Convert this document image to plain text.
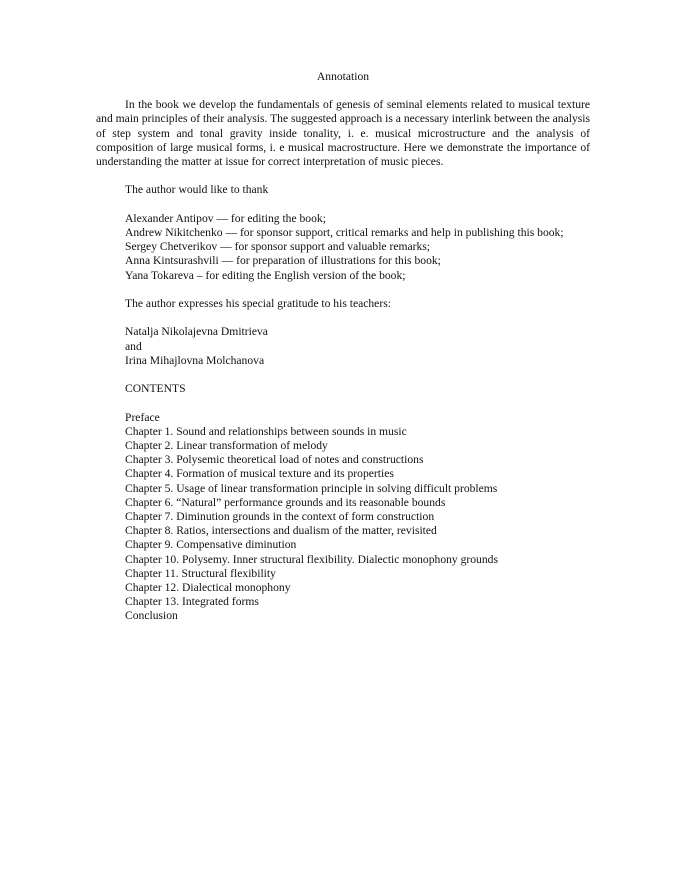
Annotation

In the book we develop the fundamentals of genesis of seminal elements related to musical texture and main principles of their analysis. The suggested approach is a necessary interlink between the analysis of step system and tonal gravity inside tonality, i. e. musical microstructure and the analysis of composition of large musical forms, i. e musical macrostructure. Here we demonstrate the importance of understanding the matter at issue for correct interpretation of music pieces.

The author would like to thank

Alexander Antipov — for editing the book;
Andrew Nikitchenko — for sponsor support, critical remarks and help in publishing this book;
Sergey Chetverikov — for sponsor support and valuable remarks;
Anna Kintsurashvili — for preparation of illustrations for this book;
Yana Tokareva – for editing the English version of the book;

The author expresses his special gratitude to his teachers:

Natalja Nikolajevna Dmitrieva

and

Irina Mihajlovna Molchanova

CONTENTS

Preface
Chapter 1. Sound and relationships between sounds in music
Chapter 2. Linear transformation of melody
Chapter 3. Polysemic theoretical load of notes and constructions
Chapter 4. Formation of musical texture and its properties
Chapter 5. Usage of linear transformation principle in solving difficult problems
Chapter 6. “Natural” performance grounds and its reasonable bounds
Chapter 7. Diminution grounds in the context of form construction
Chapter 8. Ratios, intersections and dualism of the matter, revisited
Chapter 9. Compensative diminution
Chapter 10. Polysemy. Inner structural flexibility. Dialectic monophony grounds
Chapter 11. Structural flexibility
Chapter 12. Dialectical monophony
Chapter 13. Integrated forms
Conclusion
